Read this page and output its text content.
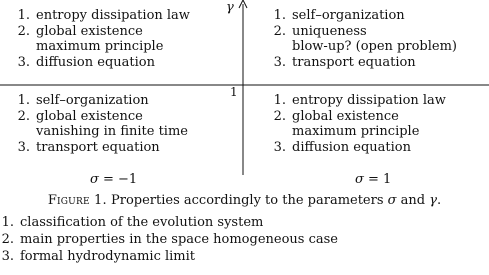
γ
1
1. entropy dissipation law
2. global existence
maximum principle
3. diffusion equation
1. self–organization
2. uniqueness
blow-up? (open problem)
3. transport equation
1. self–organization
2. global existence
vanishing in finite time
3. transport equation
1. entropy dissipation law
2. global existence
maximum principle
3. diffusion equation
σ = −1	σ = 1
Figure 1. Properties accordingly to the parameters σ and γ.
1. classification of the evolution system
2. main properties in the space homogeneous case
3. formal hydrodynamic limit
